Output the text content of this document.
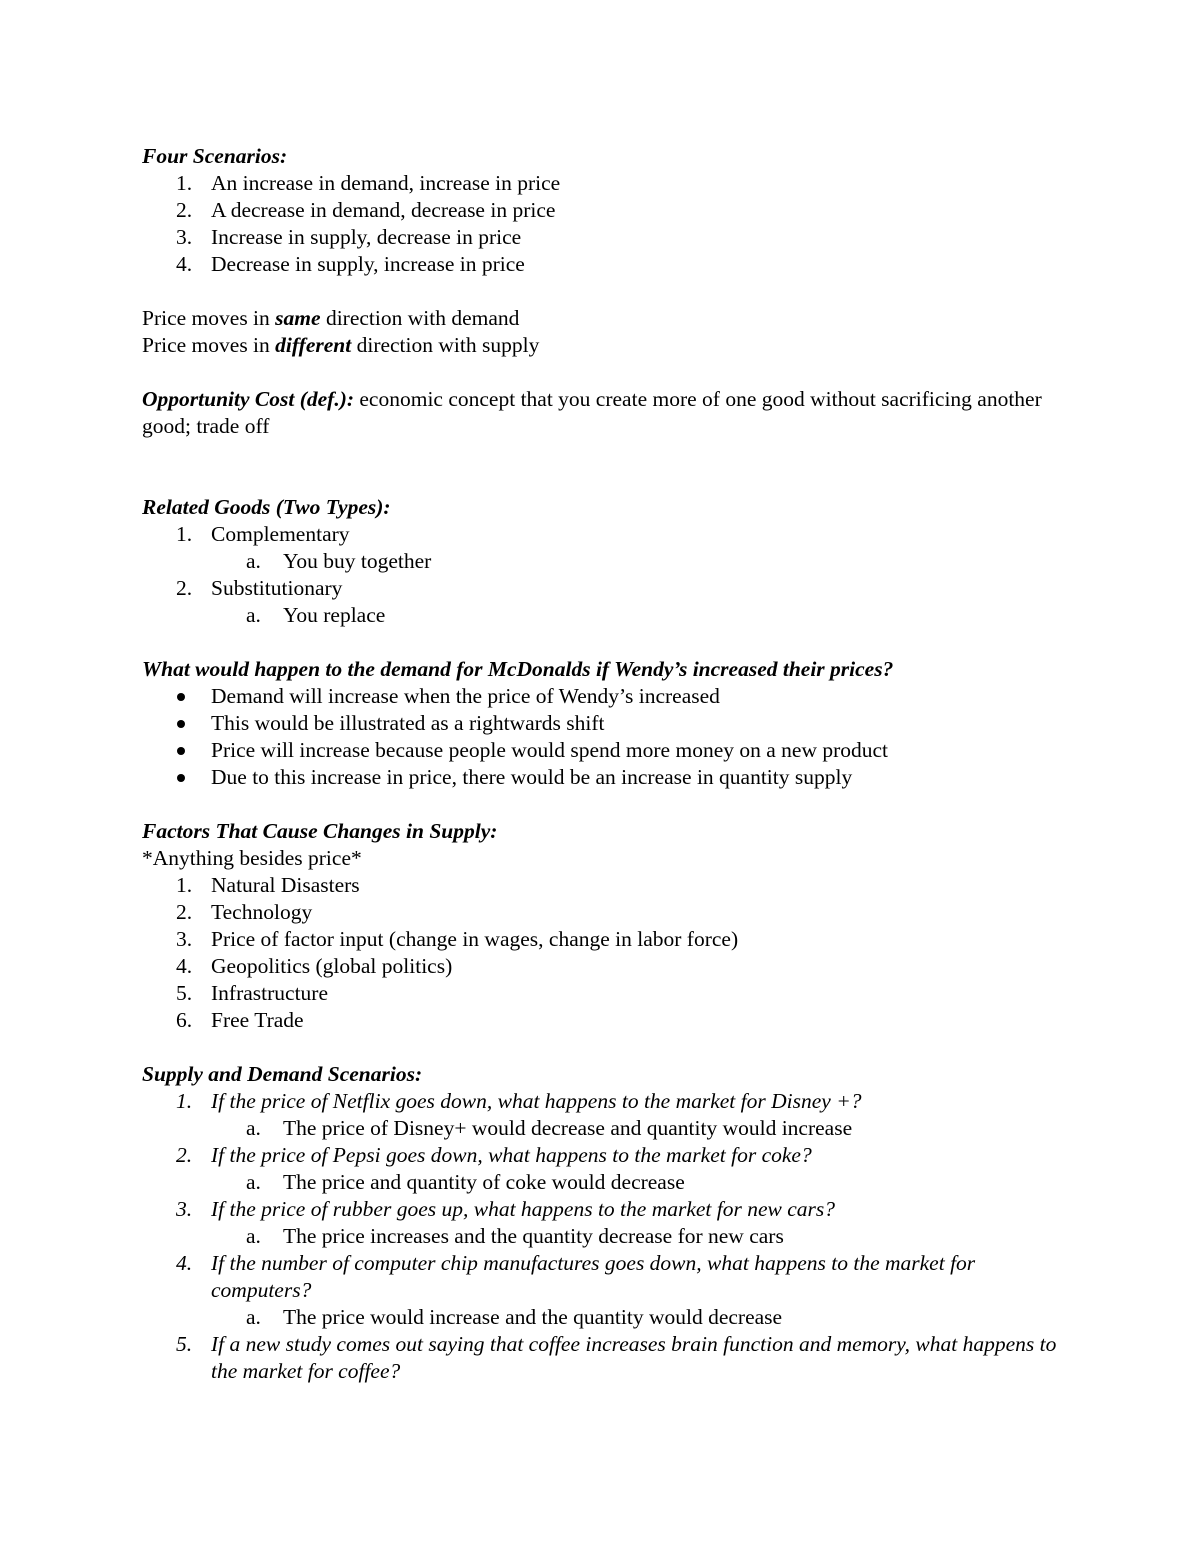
Four Scenarios:
1. An increase in demand, increase in price
2. A decrease in demand, decrease in price
3. Increase in supply, decrease in price
4. Decrease in supply, increase in price
Price moves in same direction with demand
Price moves in different direction with supply
Opportunity Cost (def.): economic concept that you create more of one good without sacrificing another good; trade off
Related Goods (Two Types):
1. Complementary
a.	You buy together
2. Substitutionary
a.	You replace
What would happen to the demand for McDonalds if Wendy’s increased their prices?
Demand will increase when the price of Wendy’s increased
This would be illustrated as a rightwards shift
Price will increase because people would spend more money on a new product
Due to this increase in price, there would be an increase in quantity supply
Factors That Cause Changes in Supply:
*Anything besides price*
1. Natural Disasters
2. Technology
3. Price of factor input (change in wages, change in labor force)
4. Geopolitics (global politics)
5. Infrastructure
6. Free Trade
Supply and Demand Scenarios:
1. If the price of Netflix goes down, what happens to the market for Disney +?
a.	The price of Disney+ would decrease and quantity would increase
2. If the price of Pepsi goes down, what happens to the market for coke?
a.	The price and quantity of coke would decrease
3. If the price of rubber goes up, what happens to the market for new cars?
a.	The price increases and the quantity decrease for new cars
4. If the number of computer chip manufactures goes down, what happens to the market for computers?
a.	The price would increase and the quantity would decrease
5. If a new study comes out saying that coffee increases brain function and memory, what happens to the market for coffee?
